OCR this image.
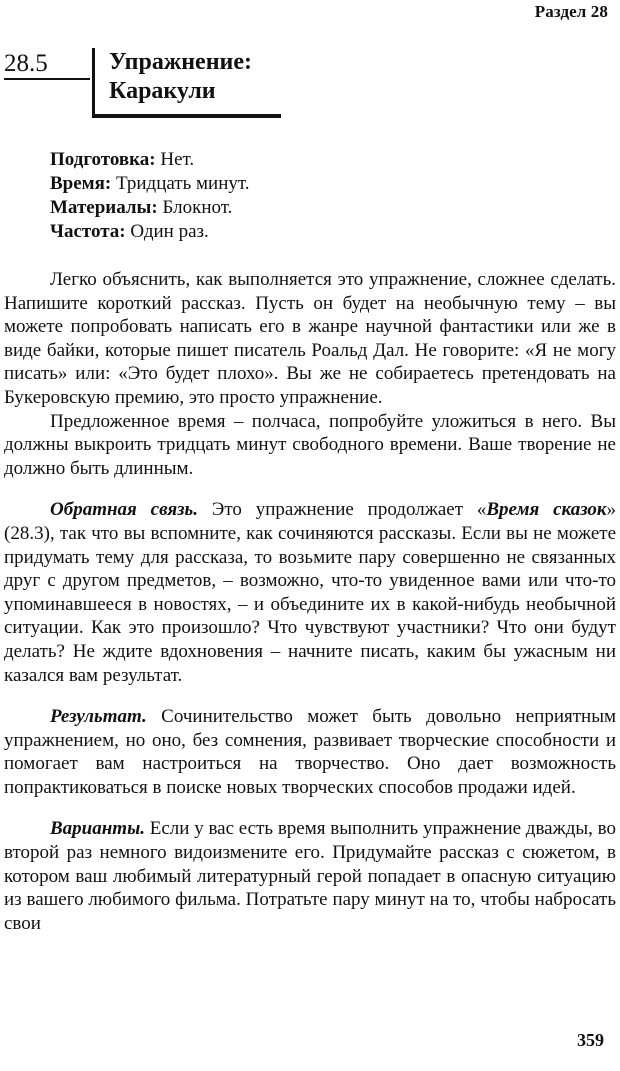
Раздел 28
28.5	Упражнение:
Каракули
Подготовка: Нет.
Время: Тридцать минут.
Материалы: Блокнот.
Частота: Один раз.

Легко объяснить, как выполняется это упражнение, сложнее сделать. Напишите короткий рассказ. Пусть он будет на необычную тему – вы можете попробовать написать его в жанре научной фантастики или же в виде байки, которые пишет писатель Роальд Дал. Не говорите: «Я не могу писать» или: «Это будет плохо». Вы же не собираетесь претендовать на Букеровскую премию, это просто упражнение.

Предложенное время – полчаса, попробуйте уложиться в него. Вы должны выкроить тридцать минут свободного времени. Ваше творение не должно быть длинным.

Обратная связь. Это упражнение продолжает «Время сказок» (28.3), так что вы вспомните, как сочиняются рассказы. Если вы не можете придумать тему для рассказа, то возьмите пару совершенно не связанных друг с другом предметов, – возможно, что-то увиденное вами или что-то упоминавшееся в новостях, – и объедините их в какой-нибудь необычной ситуации. Как это произошло? Что чувствуют участники? Что они будут делать? Не ждите вдохновения – начните писать, каким бы ужасным ни казался вам результат.

Результат. Сочинительство может быть довольно неприятным упражнением, но оно, без сомнения, развивает творческие способности и помогает вам настроиться на творчество. Оно дает возможность попрактиковаться в поиске новых творческих способов продажи идей.

Варианты. Если у вас есть время выполнить упражнение дважды, во второй раз немного видоизмените его. Придумайте рассказ с сюжетом, в котором ваш любимый литературный герой попадает в опасную ситуацию из вашего любимого фильма. Потратьте пару минут на то, чтобы набросать свои

359
